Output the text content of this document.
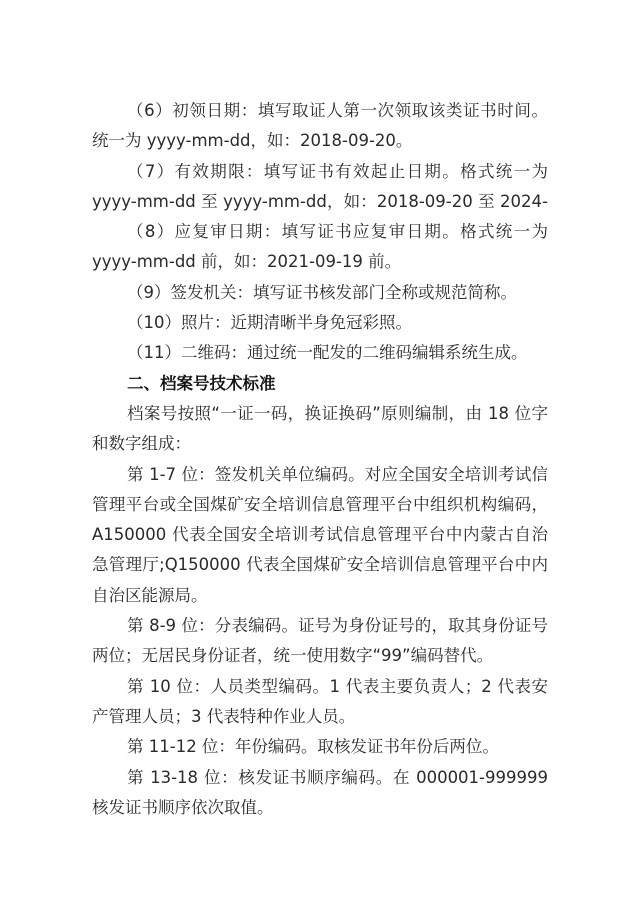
（6）初领日期：填写取证人第一次领取该类证书时间。
统一为 yyyy-mm-dd，如：2018-09-20。
（7）有效期限：填写证书有效起止日期。格式统一为
yyyy-mm-dd 至 yyyy-mm-dd，如：2018-09-20 至 2024-
（8）应复审日期：填写证书应复审日期。格式统一为
yyyy-mm-dd 前，如：2021-09-19 前。
（9）签发机关：填写证书核发部门全称或规范简称。
（10）照片：近期清晰半身免冠彩照。
（11）二维码：通过统一配发的二维码编辑系统生成。
二、档案号技术标准
档案号按照“一证一码，换证换码”原则编制，由 18 位字
和数字组成：
第 1-7 位：签发机关单位编码。对应全国安全培训考试信
管理平台或全国煤矿安全培训信息管理平台中组织机构编码，
A150000 代表全国安全培训考试信息管理平台中内蒙古自治
急管理厅;Q150000 代表全国煤矿安全培训信息管理平台中内
自治区能源局。
第 8-9 位：分表编码。证号为身份证号的，取其身份证号
两位；无居民身份证者，统一使用数字“99”编码替代。
第 10 位：人员类型编码。1 代表主要负责人；2 代表安
产管理人员；3 代表特种作业人员。
第 11-12 位：年份编码。取核发证书年份后两位。
第 13-18 位：核发证书顺序编码。在 000001-999999
核发证书顺序依次取值。
